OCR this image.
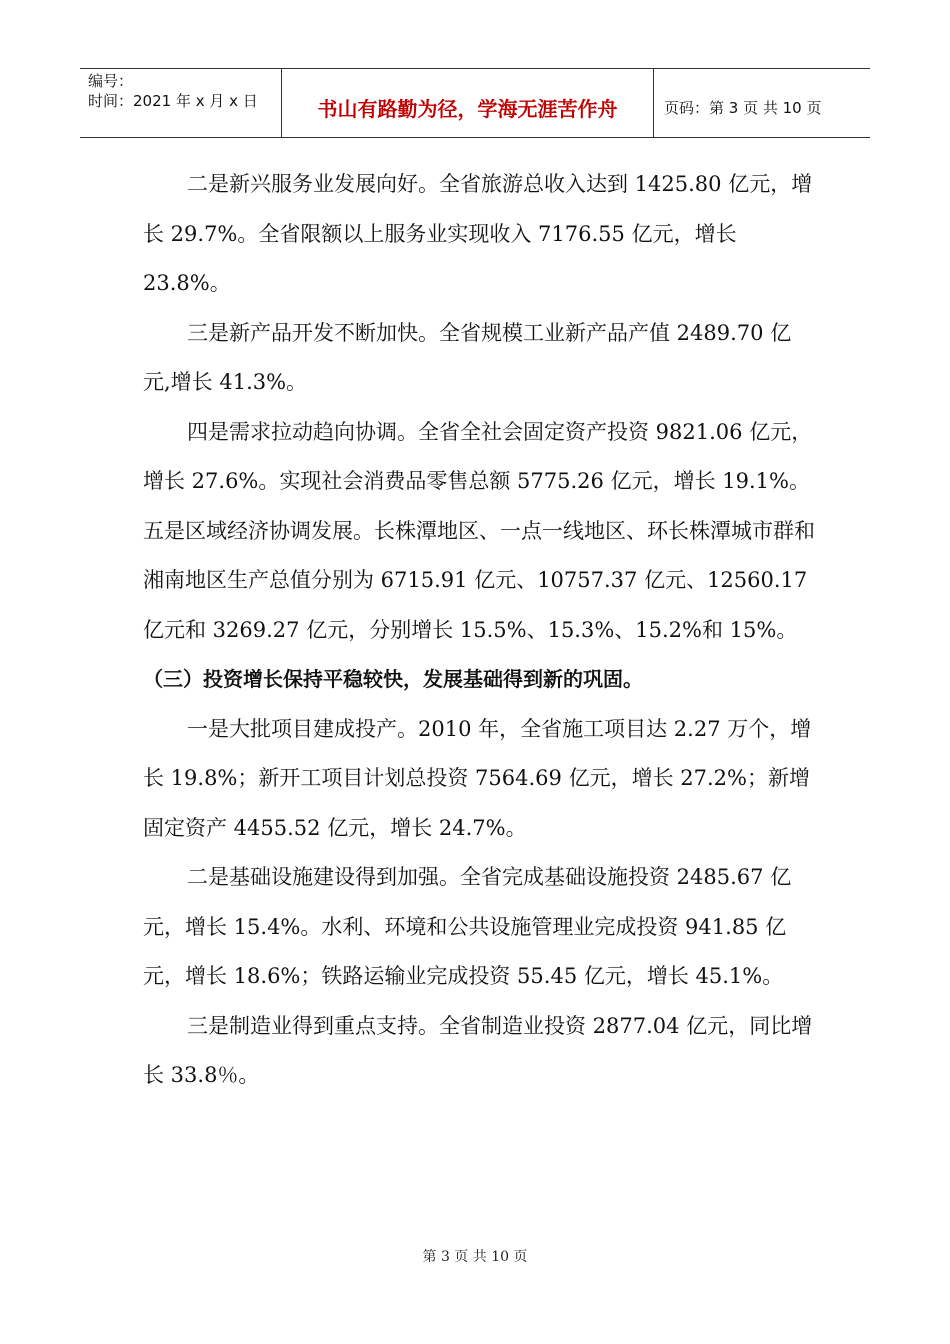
编号：
时间：2021 年 x 月 x 日	书山有路勤为径，学海无涯苦作舟	页码：第 3 页 共 10 页

二是新兴服务业发展向好。全省旅游总收入达到 1425.80 亿元，增长 29.7%。全省限额以上服务业实现收入 7176.55 亿元，增长 23.8%。

三是新产品开发不断加快。全省规模工业新产品产值 2489.70 亿元,增长 41.3%。

四是需求拉动趋向协调。全省全社会固定资产投资 9821.06 亿元，增长 27.6%。实现社会消费品零售总额 5775.26 亿元，增长 19.1%。

五是区域经济协调发展。长株潭地区、一点一线地区、环长株潭城市群和湘南地区生产总值分别为 6715.91 亿元、10757.37 亿元、12560.17 亿元和 3269.27 亿元，分别增长 15.5%、15.3%、15.2%和 15%。

（三）投资增长保持平稳较快，发展基础得到新的巩固。

一是大批项目建成投产。2010 年，全省施工项目达 2.27 万个，增长 19.8%；新开工项目计划总投资 7564.69 亿元，增长 27.2%；新增固定资产 4455.52 亿元，增长 24.7%。

二是基础设施建设得到加强。全省完成基础设施投资 2485.67 亿元，增长 15.4%。水利、环境和公共设施管理业完成投资 941.85 亿元，增长 18.6%；铁路运输业完成投资 55.45 亿元，增长 45.1%。

三是制造业得到重点支持。全省制造业投资 2877.04 亿元，同比增长 33.8％。

第 3 页 共 10 页
